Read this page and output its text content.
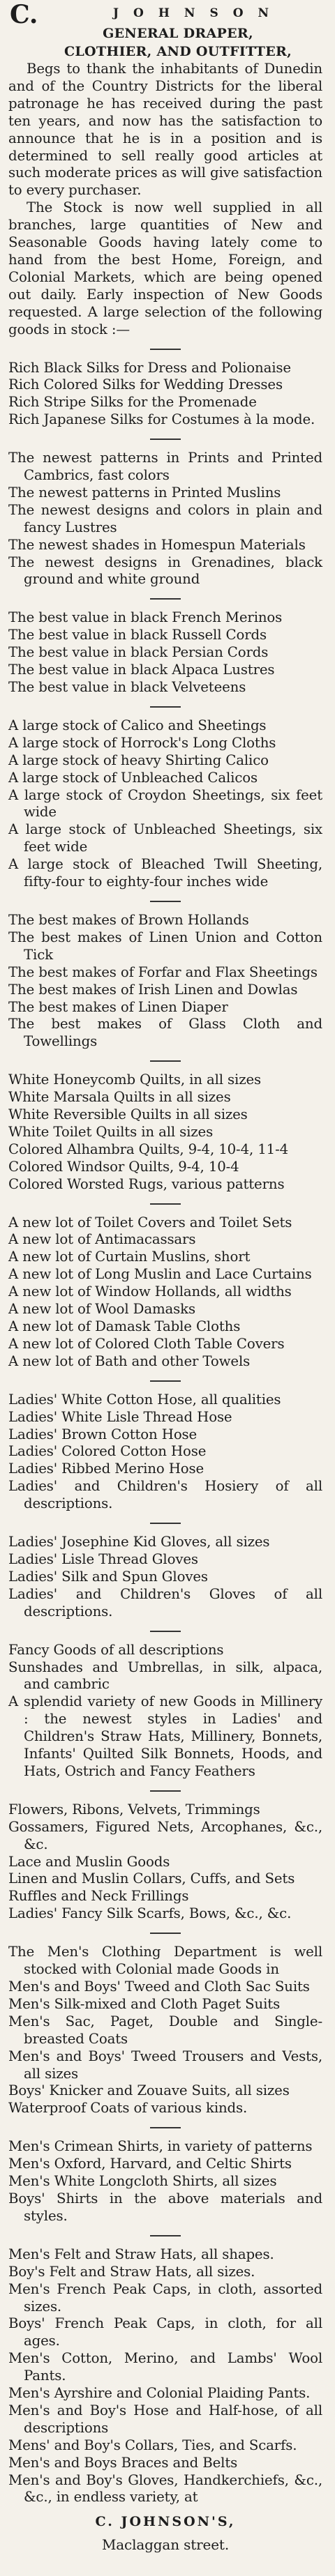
C.	JOHNSON
GENERAL DRAPER,
CLOTHIER, AND OUTFITTER,

Begs to thank the inhabitants of Dunedin and of the Country Districts for the liberal patronage he has received during the past ten years, and now has the satisfaction to announce that he is in a position and is determined to sell really good articles at such moderate prices as will give satisfaction to every purchaser.

The Stock is now well supplied in all branches, large quantities of New and Seasonable Goods having lately come to hand from the best Home, Foreign, and Colonial Markets, which are being opened out daily. Early inspection of New Goods requested. A large selection of the following goods in stock :—

Rich Black Silks for Dress and Polionaise

Rich Colored Silks for Wedding Dresses

Rich Stripe Silks for the Promenade

Rich Japanese Silks for Costumes à la mode.

The newest patterns in Prints and Printed Cambrics, fast colors

The newest patterns in Printed Muslins

The newest designs and colors in plain and fancy Lustres

The newest shades in Homespun Materials

The newest designs in Grenadines, black ground and white ground

The best value in black French Merinos

The best value in black Russell Cords

The best value in black Persian Cords

The best value in black Alpaca Lustres

The best value in black Velveteens

A large stock of Calico and Sheetings

A large stock of Horrock's Long Cloths

A large stock of heavy Shirting Calico

A large stock of Unbleached Calicos

A large stock of Croydon Sheetings, six feet wide

A large stock of Unbleached Sheetings, six feet wide

A large stock of Bleached Twill Sheeting, fifty-four to eighty-four inches wide

The best makes of Brown Hollands

The best makes of Linen Union and Cotton Tick

The best makes of Forfar and Flax Sheetings

The best makes of Irish Linen and Dowlas

The best makes of Linen Diaper

The best makes of Glass Cloth and Towellings

White Honeycomb Quilts, in all sizes

White Marsala Quilts in all sizes

White Reversible Quilts in all sizes

White Toilet Quilts in all sizes

Colored Alhambra Quilts, 9-4, 10-4, 11-4

Colored Windsor Quilts, 9-4, 10-4

Colored Worsted Rugs, various patterns

A new lot of Toilet Covers and Toilet Sets

A new lot of Antimacassars

A new lot of Curtain Muslins, short

A new lot of Long Muslin and Lace Curtains

A new lot of Window Hollands, all widths

A new lot of Wool Damasks

A new lot of Damask Table Cloths

A new lot of Colored Cloth Table Covers

A new lot of Bath and other Towels

Ladies' White Cotton Hose, all qualities

Ladies' White Lisle Thread Hose

Ladies' Brown Cotton Hose

Ladies' Colored Cotton Hose

Ladies' Ribbed Merino Hose

Ladies' and Children's Hosiery of all descriptions.

Ladies' Josephine Kid Gloves, all sizes

Ladies' Lisle Thread Gloves

Ladies' Silk and Spun Gloves

Ladies' and Children's Gloves of all descriptions.

Fancy Goods of all descriptions

Sunshades and Umbrellas, in silk, alpaca, and cambric

A splendid variety of new Goods in Millinery : the newest styles in Ladies' and Children's Straw Hats, Millinery, Bonnets, Infants' Quilted Silk Bonnets, Hoods, and Hats, Ostrich and Fancy Feathers

Flowers, Ribons, Velvets, Trimmings

Gossamers, Figured Nets, Arcophanes, &c., &c.

Lace and Muslin Goods

Linen and Muslin Collars, Cuffs, and Sets

Ruffles and Neck Frillings

Ladies' Fancy Silk Scarfs, Bows, &c., &c.

The Men's Clothing Department is well stocked with Colonial made Goods in

Men's and Boys' Tweed and Cloth Sac Suits

Men's Silk-mixed and Cloth Paget Suits

Men's Sac, Paget, Double and Single-breasted Coats

Men's and Boys' Tweed Trousers and Vests, all sizes

Boys' Knicker and Zouave Suits, all sizes

Waterproof Coats of various kinds.

Men's Crimean Shirts, in variety of patterns

Men's Oxford, Harvard, and Celtic Shirts

Men's White Longcloth Shirts, all sizes

Boys' Shirts in the above materials and styles.

Men's Felt and Straw Hats, all shapes.

Boy's Felt and Straw Hats, all sizes.

Men's French Peak Caps, in cloth, assorted sizes.

Boys' French Peak Caps, in cloth, for all ages.

Men's Cotton, Merino, and Lambs' Wool Pants.

Men's Ayrshire and Colonial Plaiding Pants.

Men's and Boy's Hose and Half-hose, of all descriptions

Mens' and Boy's Collars, Ties, and Scarfs.

Men's and Boys Braces and Belts

Men's and Boy's Gloves, Handkerchiefs, &c., &c., in endless variety, at

C. JOHNSON'S,
Maclaggan street.
